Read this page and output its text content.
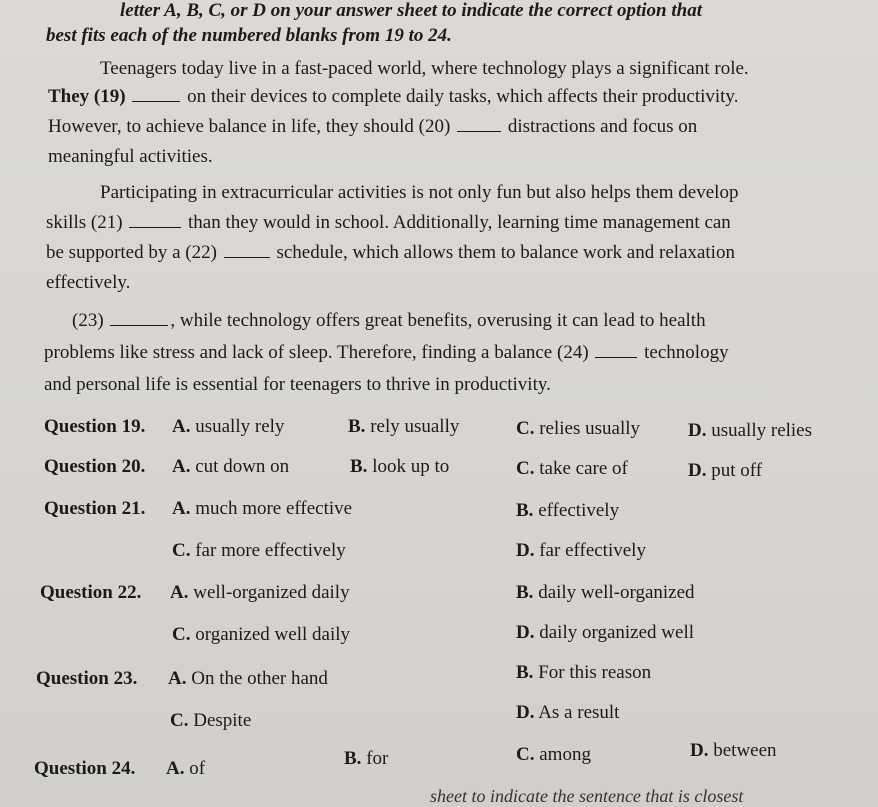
letter A, B, C, or D on your answer sheet to indicate the correct option that
best fits each of the numbered blanks from 19 to 24.
Teenagers today live in a fast-paced world, where technology plays a significant role.
They (19)	on their devices to complete daily tasks, which affects their productivity.
However, to achieve balance in life, they should (20)	distractions and focus on
meaningful activities.
Participating in extracurricular activities is not only fun but also helps them develop
skills (21)	than they would in school. Additionally, learning time management can
be supported by a (22)	schedule, which allows them to balance work and relaxation
effectively.
(23)	, while technology offers great benefits, overusing it can lead to health
problems like stress and lack of sleep. Therefore, finding a balance (24)	technology
and personal life is essential for teenagers to thrive in productivity.
Question 19. A. usually rely	B. rely usually	C. relies usually	D. usually relies
Question 20. A. cut down on	B. look up to	C. take care of	D. put off
Question 21. A. much more effective	B. effectively
C. far more effectively	D. far effectively
Question 22. A. well-organized daily	B. daily well-organized
C. organized well daily	D. daily organized well
Question 23. A. On the other hand	B. For this reason
C. Despite	D. As a result
Question 24. A. of	B. for	C. among	D. between
sheet to indicate the sentence that is closest
